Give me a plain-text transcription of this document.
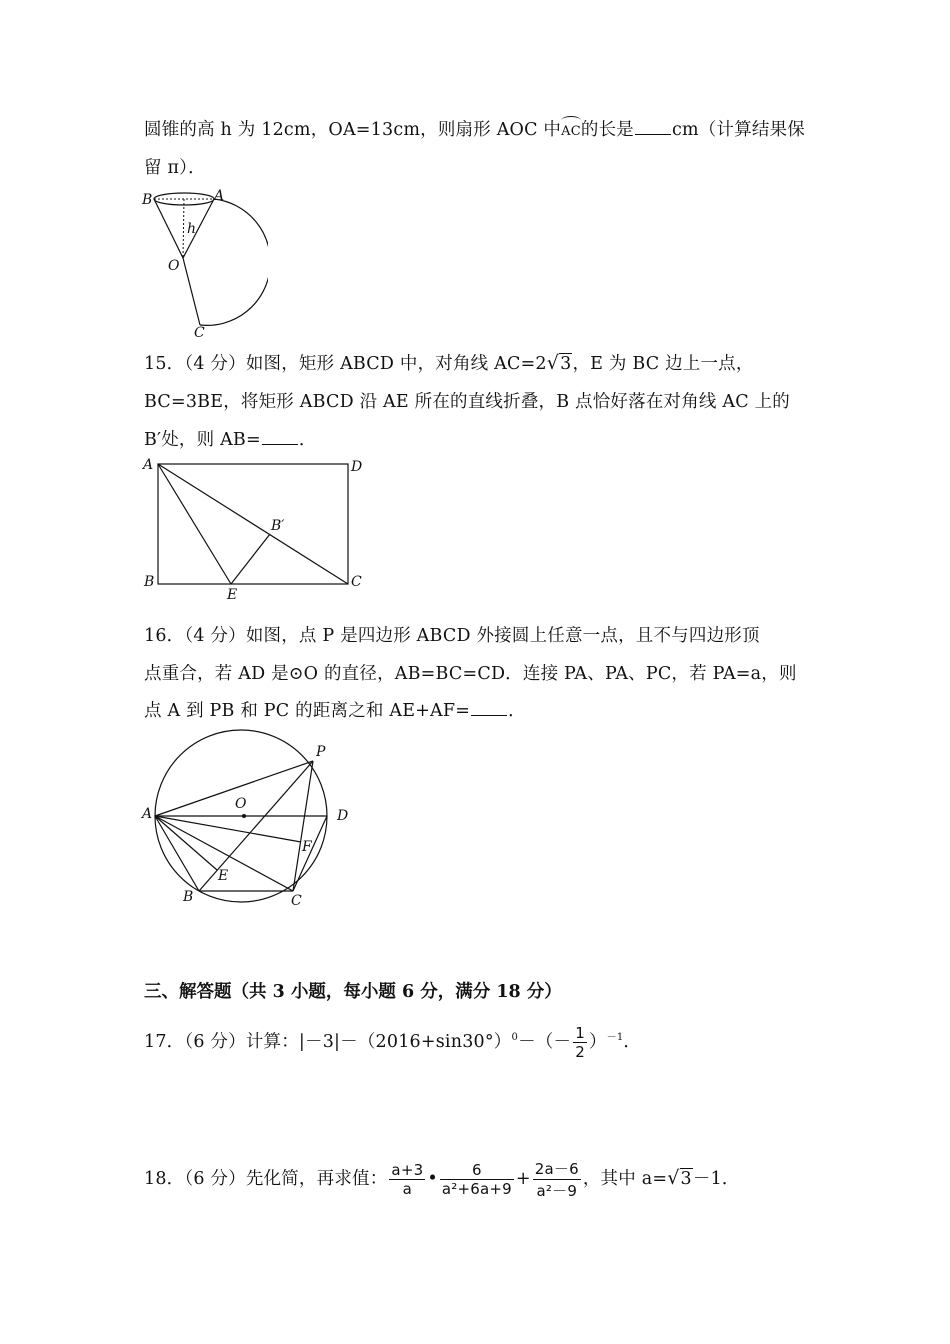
圆锥的高 h 为 12cm，OA=13cm，则扇形 AOC 中
AC的长是 cm（计算结果保
留 π）．
B	A
h
O
C
15．（4 分）如图，矩形 ABCD 中，对角线 AC=2√3，E 为 BC 边上一点，
BC=3BE，将矩形 ABCD 沿 AE 所在的直线折叠，B 点恰好落在对角线 AC 上的
B′处，则 AB= ．
A	D
B′
B
E
C
16．（4 分）如图，点 P 是四边形 ABCD 外接圆上任意一点，且不与四边形顶
点重合，若 AD 是⊙O 的直径，AB=BC=CD．连接 PA、PA、PC，若 PA=a，则
点 A 到 PB 和 PC 的距离之和 AE+AF= ．
P
O
A	D
F
E
B	C
三、解答题（共 3 小题，每小题 6 分，满分 18 分）
17．（6 分）计算：$|-3|-(2016+\sin 30^\circ)^0-(- \frac{1}{2} )^{-1}$．
18．（6 分）先化简，再求值： $\frac{a+3}{a}$ • $\frac{6}{\text{a²+6a+9}} + \frac{2a-6}{\text{a²－9}}$ ，其中 a=√3－1．
